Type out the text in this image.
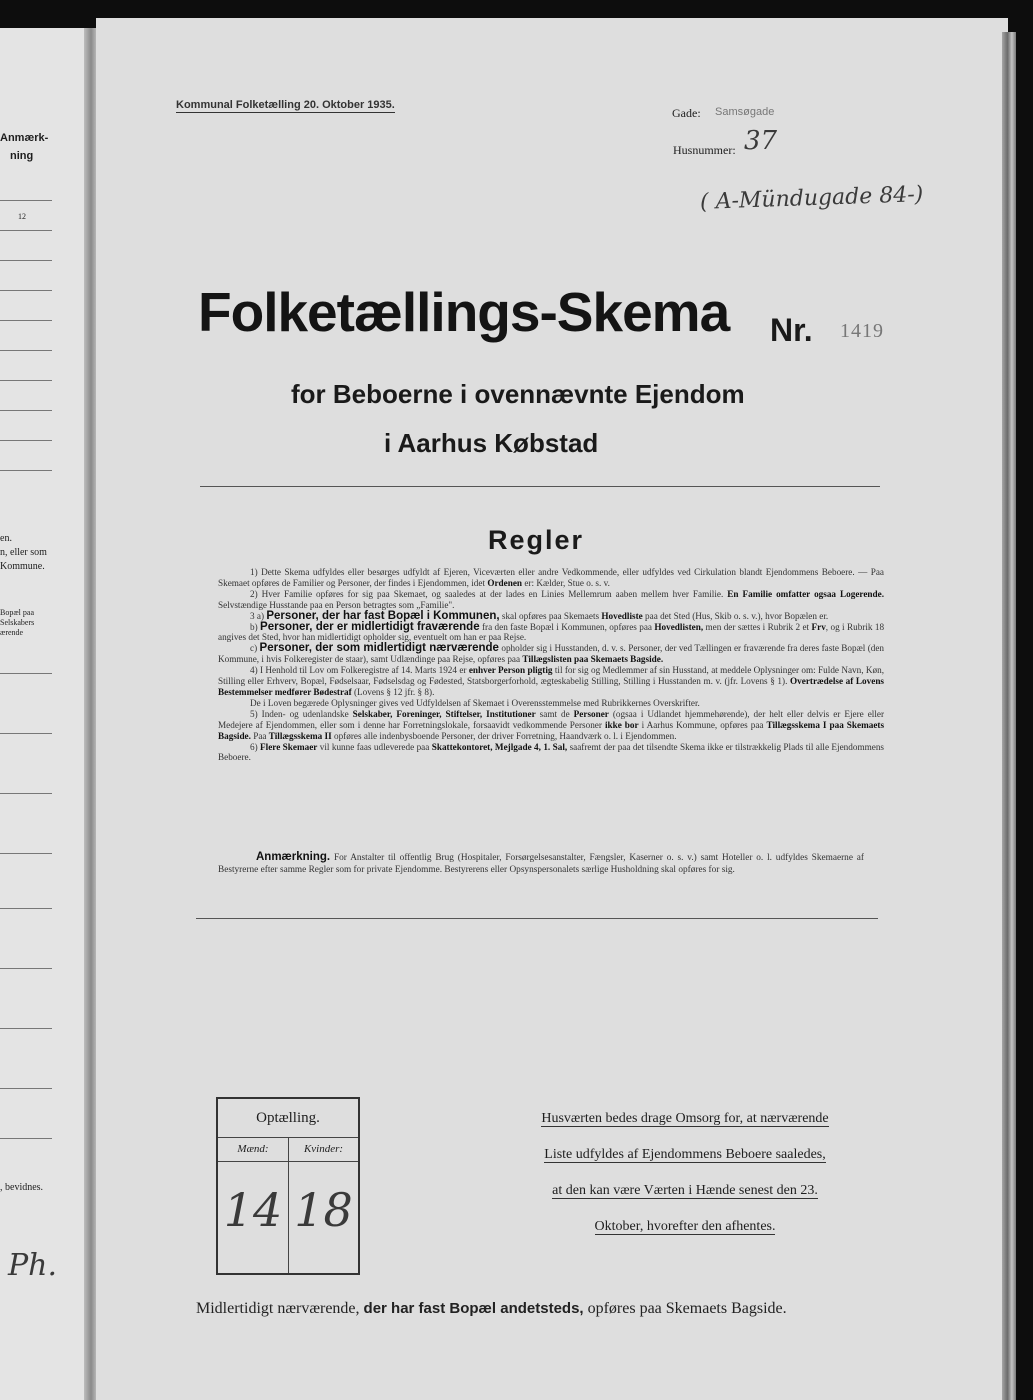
Anmærk-
ning
12
en.
n, eller som
Kommune.
Bopæl paa
Selskabers
ærende
, bevidnes.
Ph.
Kommunal Folketælling 20. Oktober 1935.
Gade: Samsøgade
Husnummer: 37
( A-Mündugade 84-)
Folketællings-Skema Nr. 1419
for Beboerne i ovennævnte Ejendom
i Aarhus Købstad
Regler

1) Dette Skema udfyldes eller besørges udfyldt af Ejeren, Viceværten eller andre Vedkommende, eller udfyldes ved Cirkulation blandt Ejendommens Beboere. — Paa Skemaet opføres de Familier og Personer, der findes i Ejendommen, idet Ordenen er: Kælder, Stue o. s. v.

2) Hver Familie opføres for sig paa Skemaet, og saaledes at der lades en Linies Mellemrum aaben mellem hver Familie. En Familie omfatter ogsaa Logerende. Selvstændige Husstande paa en Person betragtes som „Familie".

3 a) Personer, der har fast Bopæl i Kommunen, skal opføres paa Skemaets Hovedliste paa det Sted (Hus, Skib o. s. v.), hvor Bopælen er.

b) Personer, der er midlertidigt fraværende fra den faste Bopæl i Kommunen, opføres paa Hovedlisten, men der sættes i Rubrik 2 et Frv, og i Rubrik 18 angives det Sted, hvor han midlertidigt opholder sig, eventuelt om han er paa Rejse.

c) Personer, der som midlertidigt nærværende opholder sig i Husstanden, d. v. s. Personer, der ved Tællingen er fraværende fra deres faste Bopæl (den Kommune, i hvis Folkeregister de staar), samt Udlændinge paa Rejse, opføres paa Tillægslisten paa Skemaets Bagside.

4) I Henhold til Lov om Folkeregistre af 14. Marts 1924 er enhver Person pligtig til for sig og Medlemmer af sin Husstand, at meddele Oplysninger om: Fulde Navn, Køn, Stilling eller Erhverv, Bopæl, Fødselsaar, Fødselsdag og Fødested, Statsborgerforhold, ægteskabelig Stilling, Stilling i Husstanden m. v. (jfr. Lovens § 1). Overtrædelse af Lovens Bestemmelser medfører Bødestraf (Lovens § 12 jfr. § 8).

De i Loven begærede Oplysninger gives ved Udfyldelsen af Skemaet i Overensstemmelse med Rubrikkernes Overskrifter.

5) Inden- og udenlandske Selskaber, Foreninger, Stiftelser, Institutioner samt de Personer (ogsaa i Udlandet hjemmehørende), der helt eller delvis er Ejere eller Medejere af Ejendommen, eller som i denne har Forretningslokale, forsaavidt vedkommende Personer ikke bor i Aarhus Kommune, opføres paa Tillægsskema I paa Skemaets Bagside. Paa Tillægsskema II opføres alle indenbysboende Personer, der driver Forretning, Haandværk o. l. i Ejendommen.

6) Flere Skemaer vil kunne faas udleverede paa Skattekontoret, Mejlgade 4, 1. Sal, saafremt der paa det tilsendte Skema ikke er tilstrækkelig Plads til alle Ejendommens Beboere.

Anmærkning. For Anstalter til offentlig Brug (Hospitaler, Forsørgelsesanstalter, Fængsler, Kaserner o. s. v.) samt Hoteller o. l. udfyldes Skemaerne af Bestyrerne efter samme Regler som for private Ejendomme. Bestyrerens eller Opsynspersonalets særlige Husholdning skal opføres for sig.
Optælling.
Mænd:
14
Kvinder:
18
Husværten bedes drage Omsorg for, at nærværende
Liste udfyldes af Ejendommens Beboere saaledes,
at den kan være Værten i Hænde senest den 23.
Oktober, hvorefter den afhentes.
Midlertidigt nærværende, der har fast Bopæl andetsteds, opføres paa Skemaets Bagside.
